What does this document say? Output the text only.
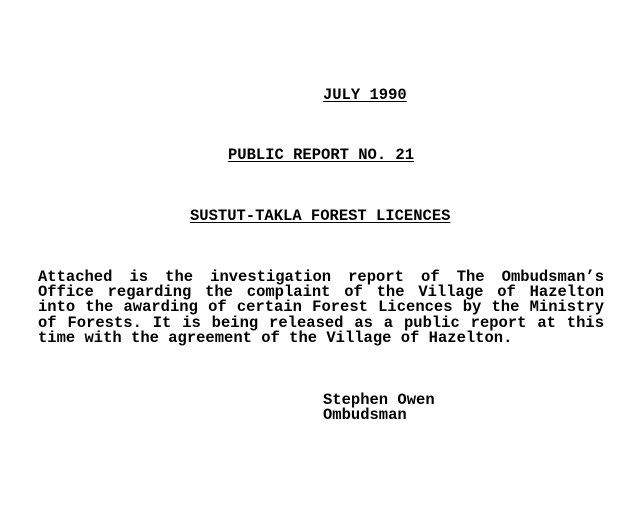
JULY 1990
PUBLIC REPORT NO. 21
SUSTUT-TAKLA FOREST LICENCES

Attached is the investigation report of The Ombudsman’s Office regarding the complaint of the Village of Hazelton into the awarding of certain Forest Licences by the Ministry of Forests. It is being released as a public report at this time with the agreement of the Village of Hazelton.

Stephen Owen
Ombudsman
